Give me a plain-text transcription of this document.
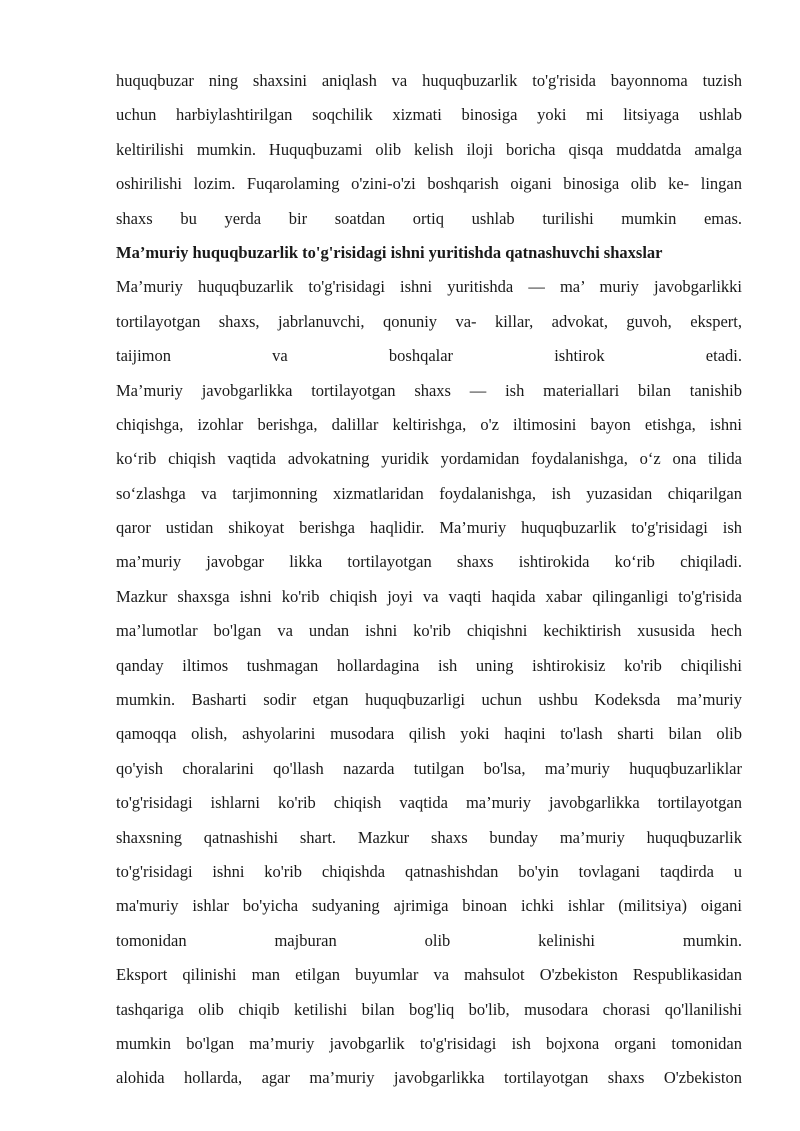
huquqbuzar ning shaxsini aniqlash va huquqbuzarlik to'g'risida bayonnoma tuzish
uchun harbiylashtirilgan soqchilik xizmati binosiga yoki mi litsiyaga ushlab
keltirilishi mumkin. Huquqbuzami olib kelish iloji boricha qisqa muddatda amalga
oshirilishi lozim. Fuqarolaming o'zini-o'zi boshqarish oigani binosiga olib ke- lingan
shaxs bu yerda bir soatdan ortiq ushlab turilishi mumkin emas.
Ma’muriy huquqbuzarlik to'g'risidagi ishni yuritishda qatnashuvchi shaxslar
Ma’muriy huquqbuzarlik to'g'risidagi ishni yuritishda — ma’ muriy javobgarlikki
tortilayotgan shaxs, jabrlanuvchi, qonuniy va- killar, advokat, guvoh, ekspert,
taijimon va boshqalar ishtirok etadi.
Ma’muriy javobgarlikka tortilayotgan shaxs — ish materiallari bilan tanishib
chiqishga, izohlar berishga, dalillar keltirishga, o'z iltimosini bayon etishga, ishni
ko‘rib chiqish vaqtida advokatning yuridik yordamidan foydalanishga, o‘z ona tilida
so‘zlashga va tarjimonning xizmatlaridan foydalanishga, ish yuzasidan chiqarilgan
qaror ustidan shikoyat berishga haqlidir. Ma’muriy huquqbuzarlik to'g'risidagi ish
ma’muriy javobgar likka tortilayotgan shaxs ishtirokida ko‘rib chiqiladi.
Mazkur shaxsga ishni ko'rib chiqish joyi va vaqti haqida xabar qilinganligi to'g'risida
ma’lumotlar bo'lgan va undan ishni ko'rib chiqishni kechiktirish xususida hech
qanday iltimos tushmagan hollardagina ish uning ishtirokisiz ko'rib chiqilishi
mumkin. Basharti sodir etgan huquqbuzarligi uchun ushbu Kodeksda ma’muriy
qamoqqa olish, ashyolarini musodara qilish yoki haqini to'lash sharti bilan olib
qo'yish choralarini qo'llash nazarda tutilgan bo'lsa, ma’muriy huquqbuzarliklar
to'g'risidagi ishlarni ko'rib chiqish vaqtida ma’muriy javobgarlikka tortilayotgan
shaxsning qatnashishi shart. Mazkur shaxs bunday ma’muriy huquqbuzarlik
to'g'risidagi ishni ko'rib chiqishda qatnashishdan bo'yin tovlagani taqdirda u
ma'muriy ishlar bo'yicha sudyaning ajrimiga binoan ichki ishlar (militsiya) oigani
tomonidan majburan olib kelinishi mumkin.
Eksport qilinishi man etilgan buyumlar va mahsulot O'zbekiston Respublikasidan
tashqariga olib chiqib ketilishi bilan bog'liq bo'lib, musodara chorasi qo'llanilishi
mumkin bo'lgan ma’muriy javobgarlik to'g'risidagi ish bojxona organi tomonidan
alohida hollarda, agar ma’muriy javobgarlikka tortilayotgan shaxs O'zbekiston
